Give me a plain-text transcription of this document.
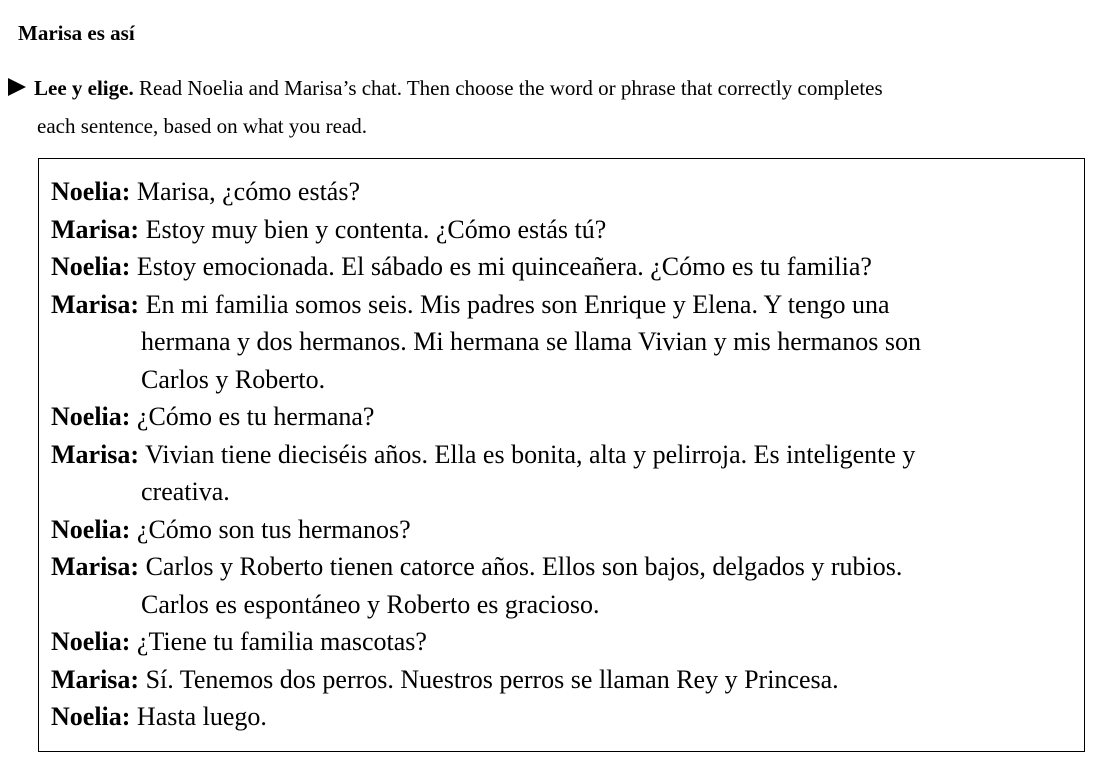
Marisa es así
Lee y elige. Read Noelia and Marisa’s chat. Then choose the word or phrase that correctly completes
each sentence, based on what you read.
Noelia: Marisa, ¿cómo estás?
Marisa: Estoy muy bien y contenta. ¿Cómo estás tú?
Noelia: Estoy emocionada. El sábado es mi quinceañera. ¿Cómo es tu familia?
Marisa: En mi familia somos seis. Mis padres son Enrique y Elena. Y tengo una
hermana y dos hermanos. Mi hermana se llama Vivian y mis hermanos son
Carlos y Roberto.
Noelia: ¿Cómo es tu hermana?
Marisa: Vivian tiene dieciséis años. Ella es bonita, alta y pelirroja. Es inteligente y
creativa.
Noelia: ¿Cómo son tus hermanos?
Marisa: Carlos y Roberto tienen catorce años. Ellos son bajos, delgados y rubios.
Carlos es espontáneo y Roberto es gracioso.
Noelia: ¿Tiene tu familia mascotas?
Marisa: Sí. Tenemos dos perros. Nuestros perros se llaman Rey y Princesa.
Noelia: Hasta luego.
